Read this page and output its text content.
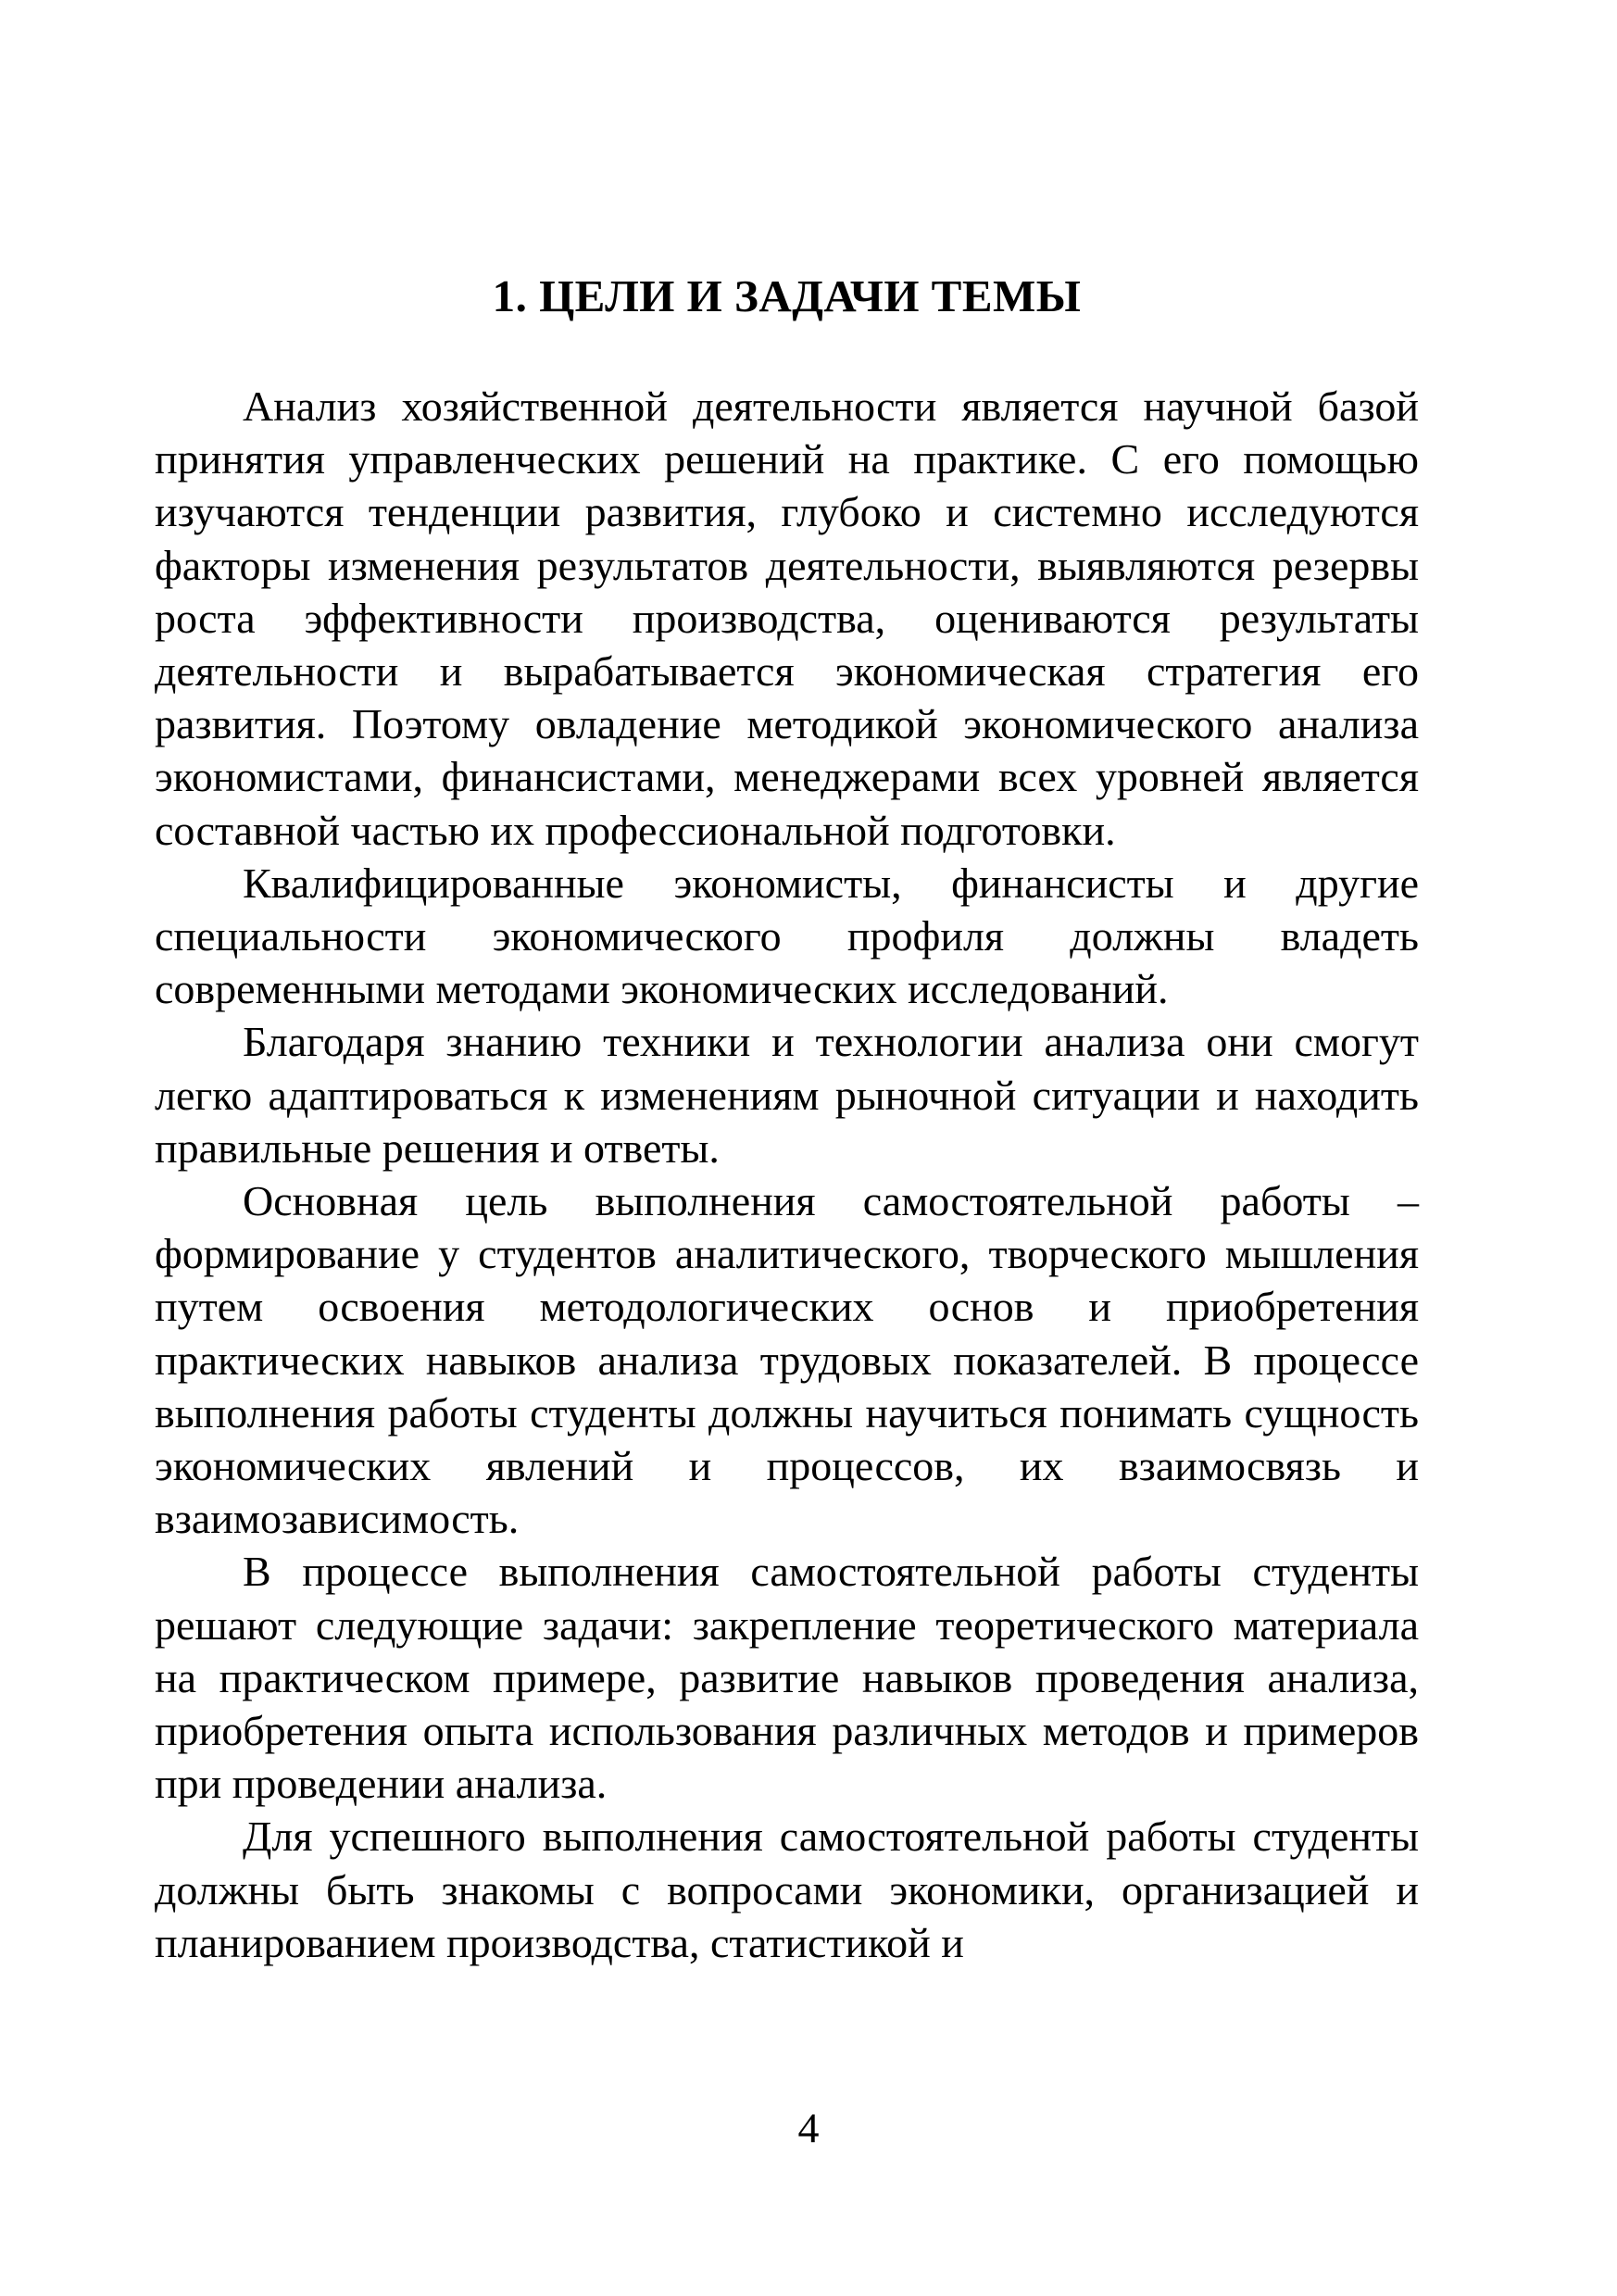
1. ЦЕЛИ И ЗАДАЧИ ТЕМЫ

Анализ хозяйственной деятельности является научной базой принятия управленческих решений на практике. С его помощью изучаются тенденции развития, глубоко и системно исследуются факторы изменения результатов деятельности, выявляются резервы роста эффективности производства, оцениваются результаты деятельности и вырабатывается экономическая стратегия его развития. Поэтому овладение методикой экономического анализа экономистами, финансистами, менеджерами всех уровней является составной частью их профессиональной подготовки.

Квалифицированные экономисты, финансисты и другие специальности экономического профиля должны владеть современными методами экономических исследований.

Благодаря знанию техники и технологии анализа они смогут легко адаптироваться к изменениям рыночной ситуации и находить правильные решения и ответы.

Основная цель выполнения самостоятельной работы – формирование у студентов аналитического, творческого мышления путем освоения методологических основ и приобретения практических навыков анализа трудовых показателей. В процессе выполнения работы студенты должны научиться понимать сущность экономических явлений и процессов, их взаимосвязь и взаимозависимость.

В процессе выполнения самостоятельной работы студенты решают следующие задачи: закрепление теоретического материала на практическом примере, развитие навыков проведения анализа, приобретения опыта использования различных методов и примеров при проведении анализа.

Для успешного выполнения самостоятельной работы студенты должны быть знакомы с вопросами экономики, организацией и планированием производства, статистикой и

4
